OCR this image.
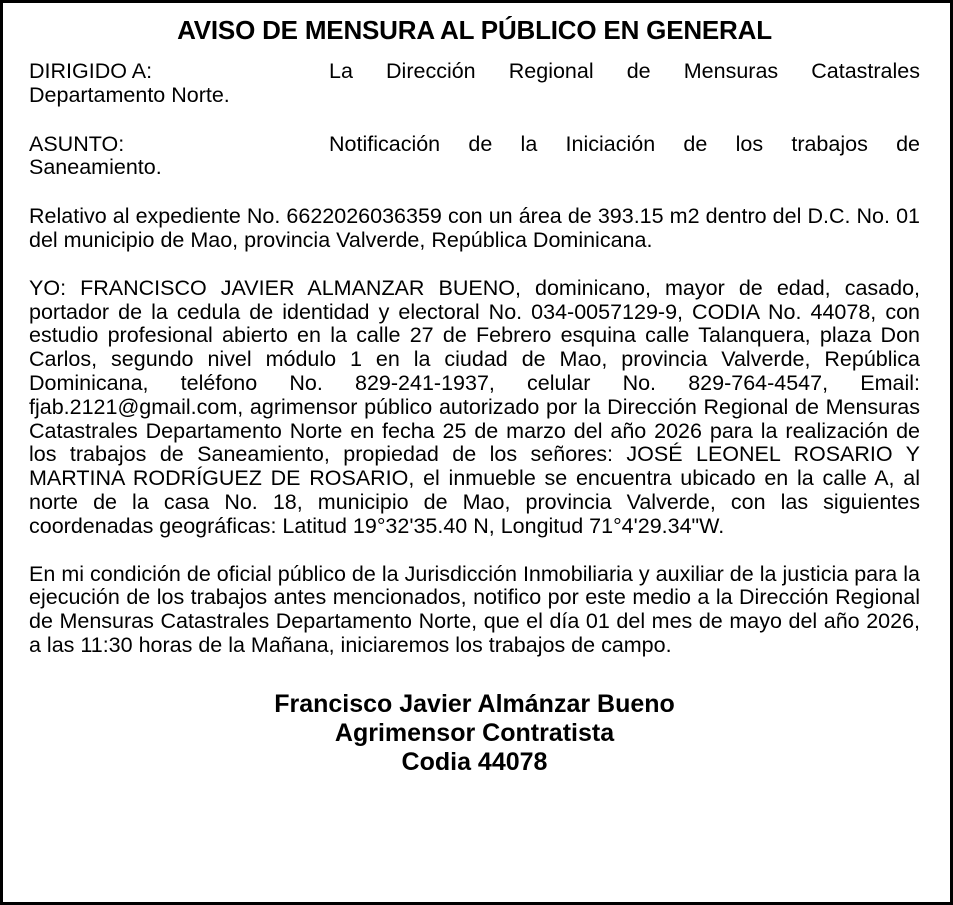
AVISO DE MENSURA AL PÚBLICO EN GENERAL
DIRIGIDO A:	La Dirección Regional de Mensuras Catastrales
Departamento Norte.
ASUNTO:	Notificación de la Iniciación de los trabajos de
Saneamiento.

Relativo al expediente No. 6622026036359 con un área de 393.15 m2 dentro del D.C. No. 01 del municipio de Mao, provincia Valverde, República Dominicana.

YO: FRANCISCO JAVIER ALMANZAR BUENO, dominicano, mayor de edad, casado, portador de la cedula de identidad y electoral No. 034-0057129-9, CODIA No. 44078, con estudio profesional abierto en la calle 27 de Febrero esquina calle Talanquera, plaza Don Carlos, segundo nivel módulo 1 en la ciudad de Mao, provincia Valverde, República Dominicana, teléfono No. 829-241-1937, celular No. 829-764-4547, Email: fjab.2121@gmail.com, agrimensor público autorizado por la Dirección Regional de Mensuras Catastrales Departamento Norte en fecha 25 de marzo del año 2026 para la realización de los trabajos de Saneamiento, propiedad de los señores: JOSÉ LEONEL ROSARIO Y MARTINA RODRÍGUEZ DE ROSARIO, el inmueble se encuentra ubicado en la calle A, al norte de la casa No. 18, municipio de Mao, provincia Valverde, con las siguientes coordenadas geográficas: Latitud 19°32'35.40 N, Longitud 71°4'29.34"W.

En mi condición de oficial público de la Jurisdicción Inmobiliaria y auxiliar de la justicia para la ejecución de los trabajos antes mencionados, notifico por este medio a la Dirección Regional de Mensuras Catastrales Departamento Norte, que el día 01 del mes de mayo del año 2026, a las 11:30 horas de la Mañana, iniciaremos los trabajos de campo.

Francisco Javier Almánzar Bueno
Agrimensor Contratista
Codia 44078
